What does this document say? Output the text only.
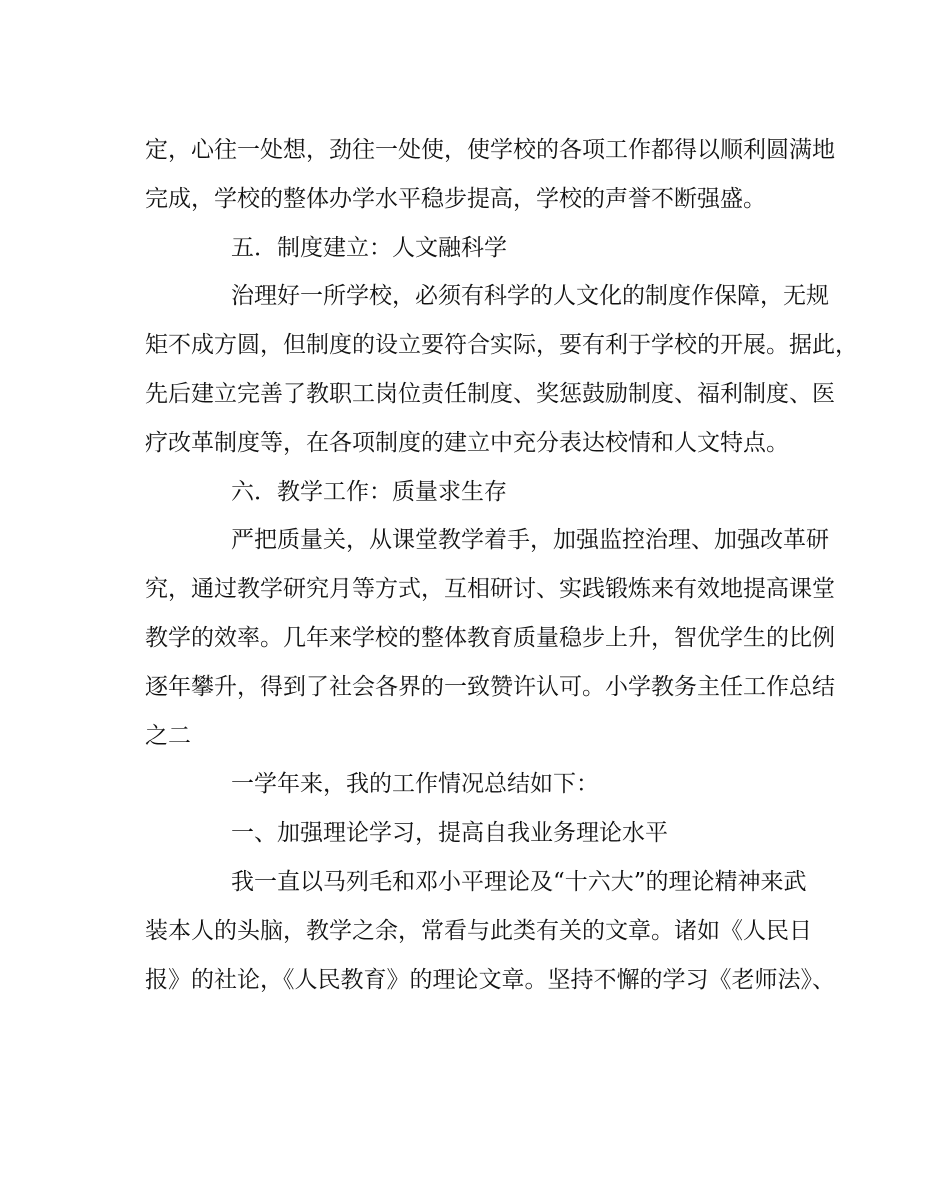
定，心往一处想，劲往一处使，使学校的各项工作都得以顺利圆满地
完成，学校的整体办学水平稳步提高，学校的声誉不断强盛。
五．制度建立：人文融科学
治理好一所学校，必须有科学的人文化的制度作保障，无规
矩不成方圆，但制度的设立要符合实际，要有利于学校的开展。据此，
先后建立完善了教职工岗位责任制度、奖惩鼓励制度、福利制度、医
疗改革制度等，在各项制度的建立中充分表达校情和人文特点。
六．教学工作：质量求生存
严把质量关，从课堂教学着手，加强监控治理、加强改革研
究，通过教学研究月等方式，互相研讨、实践锻炼来有效地提高课堂
教学的效率。几年来学校的整体教育质量稳步上升，智优学生的比例
逐年攀升，得到了社会各界的一致赞许认可。小学教务主任工作总结
之二
一学年来，我的工作情况总结如下：
一、加强理论学习，提高自我业务理论水平
我一直以马列毛和邓小平理论及“十六大”的理论精神来武
装本人的头脑，教学之余，常看与此类有关的文章。诸如《人民日
报》的社论，《人民教育》的理论文章。坚持不懈的学习《老师法》、
